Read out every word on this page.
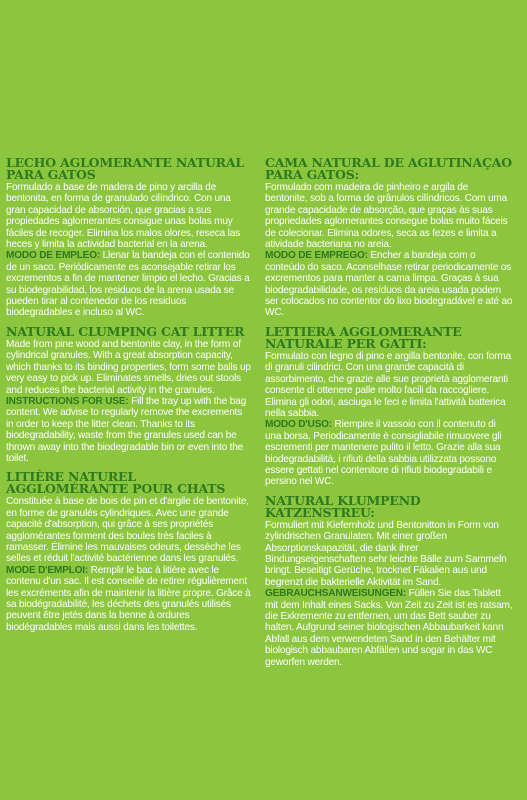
LECHO AGLOMERANTE NATURAL PARA GATOS

Formulado a base de madera de pino y arcilla de bentonita, en forma de granulado cilíndrico. Con una gran capacidad de absorción, que gracias a sus propiedades aglomerantes consigue unas bolas muy fáciles de recoger. Elimina los malos olores, reseca las heces y limita la actividad bacterial en la arena.

MODO DE EMPLEO: Llenar la bandeja con el contenido de un saco. Periódicamente es aconsejable retirar los excrementos a fin de mantener limpio el lecho. Gracias a su biodegrabilidad, los residuos de la arena usada se pueden tirar al contenedor de los residuos biodegradables e incluso al WC.

NATURAL CLUMPING CAT LITTER

Made from pine wood and bentonite clay, in the form of cylindrical granules. With a great absorption capacity, which thanks to its binding properties, form some balls up very easy to pick up. Eliminates smells, dries out stools and reduces the bacterial activity in the granules.

INSTRUCTIONS FOR USE: Fill the tray up with the bag content. We advise to regularly remove the excrements in order to keep the litter clean. Thanks to its biodegradability, waste from the granules used can be thrown away into the biodegradable bin or even into the toilet.

LITIÈRE NATUREL AGGLOMÉRANTE POUR CHATS

Constituée à base de bois de pin et d'argile de bentonite, en forme de granulés cylindriques. Avec une grande capacité d'absorption, qui grâce à ses propriétés agglomérantes forment des boules très faciles à ramasser. Élimine les mauvaises odeurs, dessèche les selles et réduit l'activité bactérienne dans les granulés.

MODE D'EMPLOI: Remplir le bac à litière avec le contenu d'un sac. Il est conseillé de retirer régulièrement les excréments afin de maintenir la litière propre. Grâce à sa biodégradabilité, les déchets des granulés utilisés peuvent être jetés dans la benne à ordures biodégradables mais aussi dans les toilettes.

CAMA NATURAL DE AGLUTINAÇAO PARA GATOS:

Formulado com madeira de pinheiro e argila de bentonite, sob a forma de grânulos cilíndricos. Com uma grande capacidade de absorção, que graças às suas propriedades aglomerantes consegue bolas muito fáceis de colecionar. Elimina odores, seca as fezes e limita a atividade bacteriana no areia.

MODO DE EMPREGO: Encher a bandeja com o conteúdo do saco. Aconselhase retirar periodicamente os excrementos para manter a cama limpa. Graças à sua biodegradabilidade, os resíduos da areia usada podem ser colocados no contentor do lixo biodegradável e até ao WC.

LETTIERA AGGLOMERANTE NATURALE PER GATTI:

Formulato con legno di pino e argilla bentonite, con forma di granuli cilindrici. Con una grande capacità di assorbimento, che grazie alle sue proprietà agglomeranti consente di ottenere palle molto facili da raccogliere. Elimina gli odori, asciuga le feci e limita l'attività batterica nella sabbia.

MODO D'USO: Riempire il vassoio con il contenuto di una borsa. Periodicamente è consigliabile rimuovere gli escrementi per mantenere pulito il letto. Grazie alla sua biodegradabilità, i rifiuti della sabbia utilizzata possono essere gettati nel contenitore di rifiuti biodegradabili e persino nel WC.

NATURAL KLUMPEND KATZENSTREU:

Formuliert mit Kiefernholz und Bentonitton in Form von zylindrischen Granulaten. Mit einer großen Absorptionskapazität, die dank ihrer Bindungseigenschaften sehr leichte Bälle zum Sammeln bringt. Beseitigt Gerüche, trocknet Fäkalien aus und begrenzt die bakterielle Aktivität im Sand.

GEBRAUCHSANWEISUNGEN: Füllen Sie das Tablett mit dem Inhalt eines Sacks. Von Zeit zu Zeit ist es ratsam, die Exkremente zu entfernen, um das Bett sauber zu halten. Aufgrund seiner biologischen Abbaubarkeit kann Abfall aus dem verwendeten Sand in den Behälter mit biologisch abbaubaren Abfällen und sogar in das WC geworfen werden.
